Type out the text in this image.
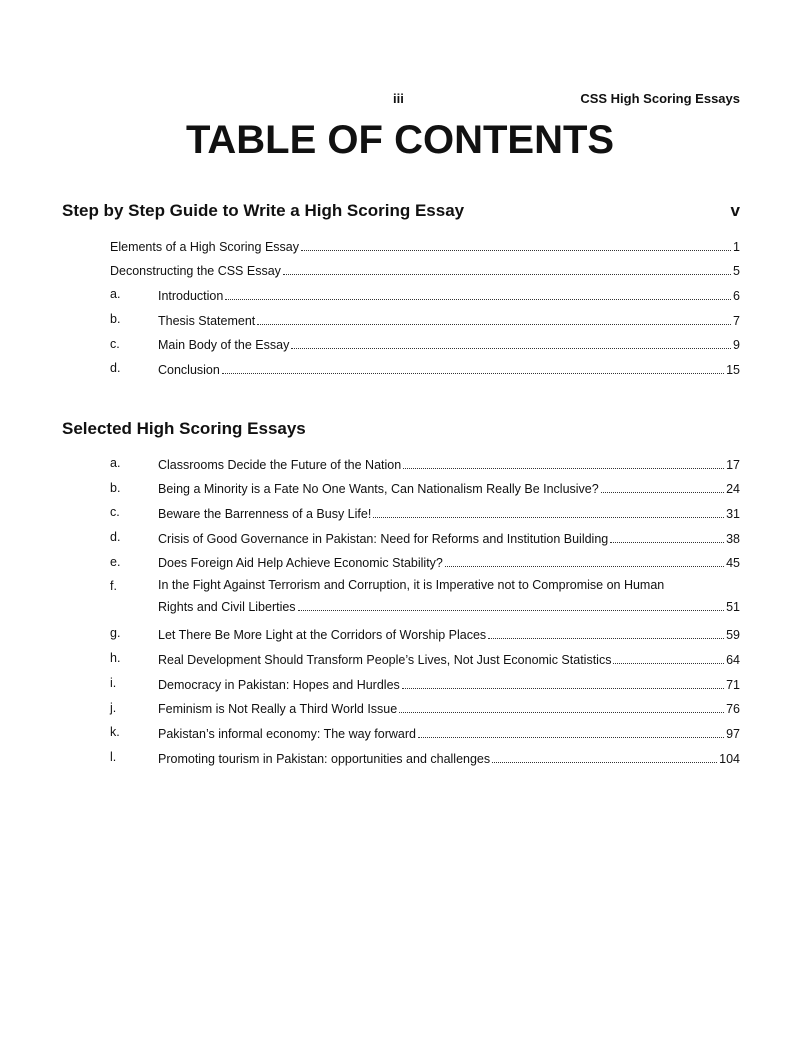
iii	CSS High Scoring Essays
TABLE OF CONTENTS
Step by Step Guide to Write a High Scoring Essay	v
Elements of a High Scoring Essay	1
Deconstructing the CSS Essay	5
a.	Introduction	6
b.	Thesis Statement	7
c.	Main Body of the Essay	9
d.	Conclusion	15
Selected High Scoring Essays
a.	Classrooms Decide the Future of the Nation	17
b.	Being a Minority is a Fate No One Wants, Can Nationalism Really Be Inclusive?	24
c.	Beware the Barrenness of a Busy Life!	31
d.	Crisis of Good Governance in Pakistan: Need for Reforms and Institution Building	38
e.	Does Foreign Aid Help Achieve Economic Stability?	45
f.	In the Fight Against Terrorism and Corruption, it is Imperative not to Compromise on Human
Rights and Civil Liberties	51
g.	Let There Be More Light at the Corridors of Worship Places	59
h.	Real Development Should Transform People’s Lives, Not Just Economic Statistics	64
i.	Democracy in Pakistan: Hopes and Hurdles	71
j.	Feminism is Not Really a Third World Issue	76
k.	Pakistan’s informal economy: The way forward	97
l.	Promoting tourism in Pakistan: opportunities and challenges	104
